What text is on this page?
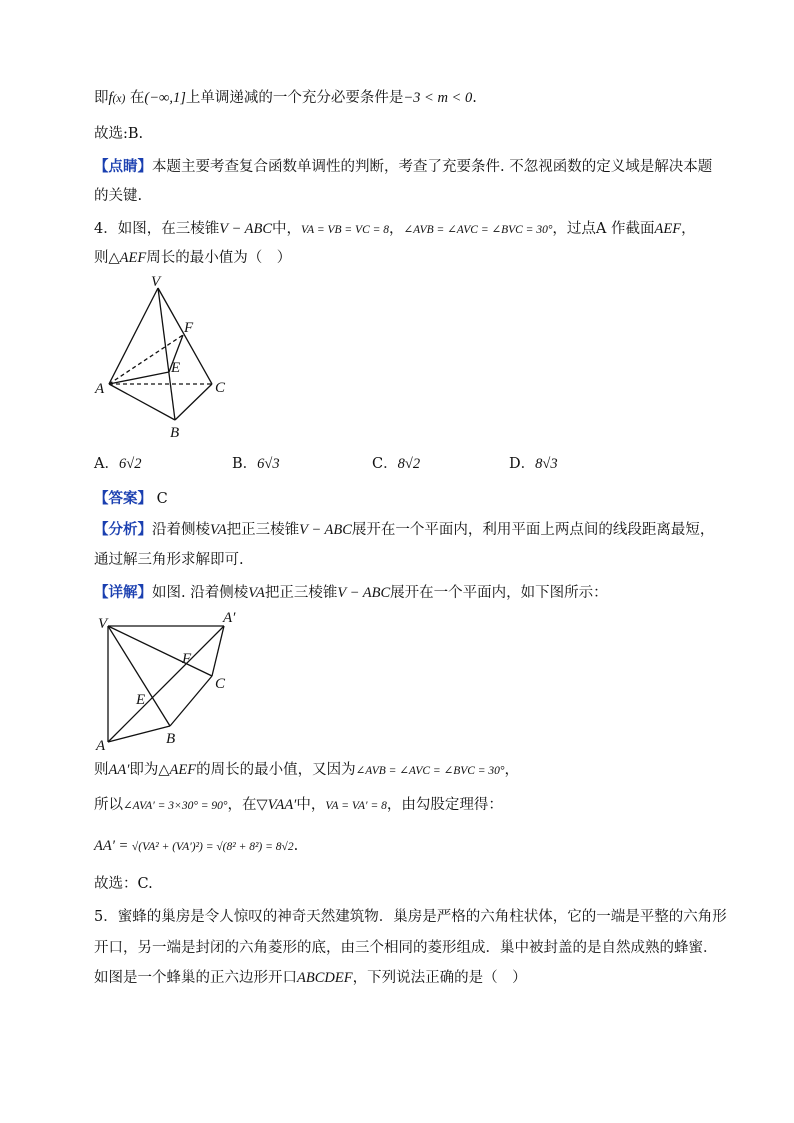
即f(x) 在(−∞,1]上单调递减的一个充分必要条件是−3 < m < 0.
故选:B.
【点睛】本题主要考查复合函数单调性的判断，考查了充要条件. 不忽视函数的定义域是解决本题
的关键.
4．如图，在三棱锥V − ABC中，VA = VB = VC = 8，∠AVB = ∠AVC = ∠BVC = 30°，过点A 作截面AEF，
则△AEF周长的最小值为（　）
V
F
E
A	C
B
A．6√2	B．6√3	C．8√2	D．8√3
【答案】 C
【分析】沿着侧棱VA把正三棱锥V − ABC展开在一个平面内，利用平面上两点间的线段距离最短，
通过解三角形求解即可.
【详解】如图. 沿着侧棱VA把正三棱锥V − ABC展开在一个平面内，如下图所示：
V	A′
F
C
E
A	B
则AA′即为△AEF的周长的最小值，又因为∠AVB = ∠AVC = ∠BVC = 30°，
所以∠AVA′ = 3×30° = 90°，在▽VAA′中，VA = VA′ = 8，由勾股定理得：
AA′ = √(VA² + (VA′)²) = √(8² + 8²) = 8√2.
故选：C.
5．蜜蜂的巢房是令人惊叹的神奇天然建筑物．巢房是严格的六角柱状体，它的一端是平整的六角形
开口，另一端是封闭的六角菱形的底，由三个相同的菱形组成．巢中被封盖的是自然成熟的蜂蜜．
如图是一个蜂巢的正六边形开口ABCDEF，下列说法正确的是（　）
